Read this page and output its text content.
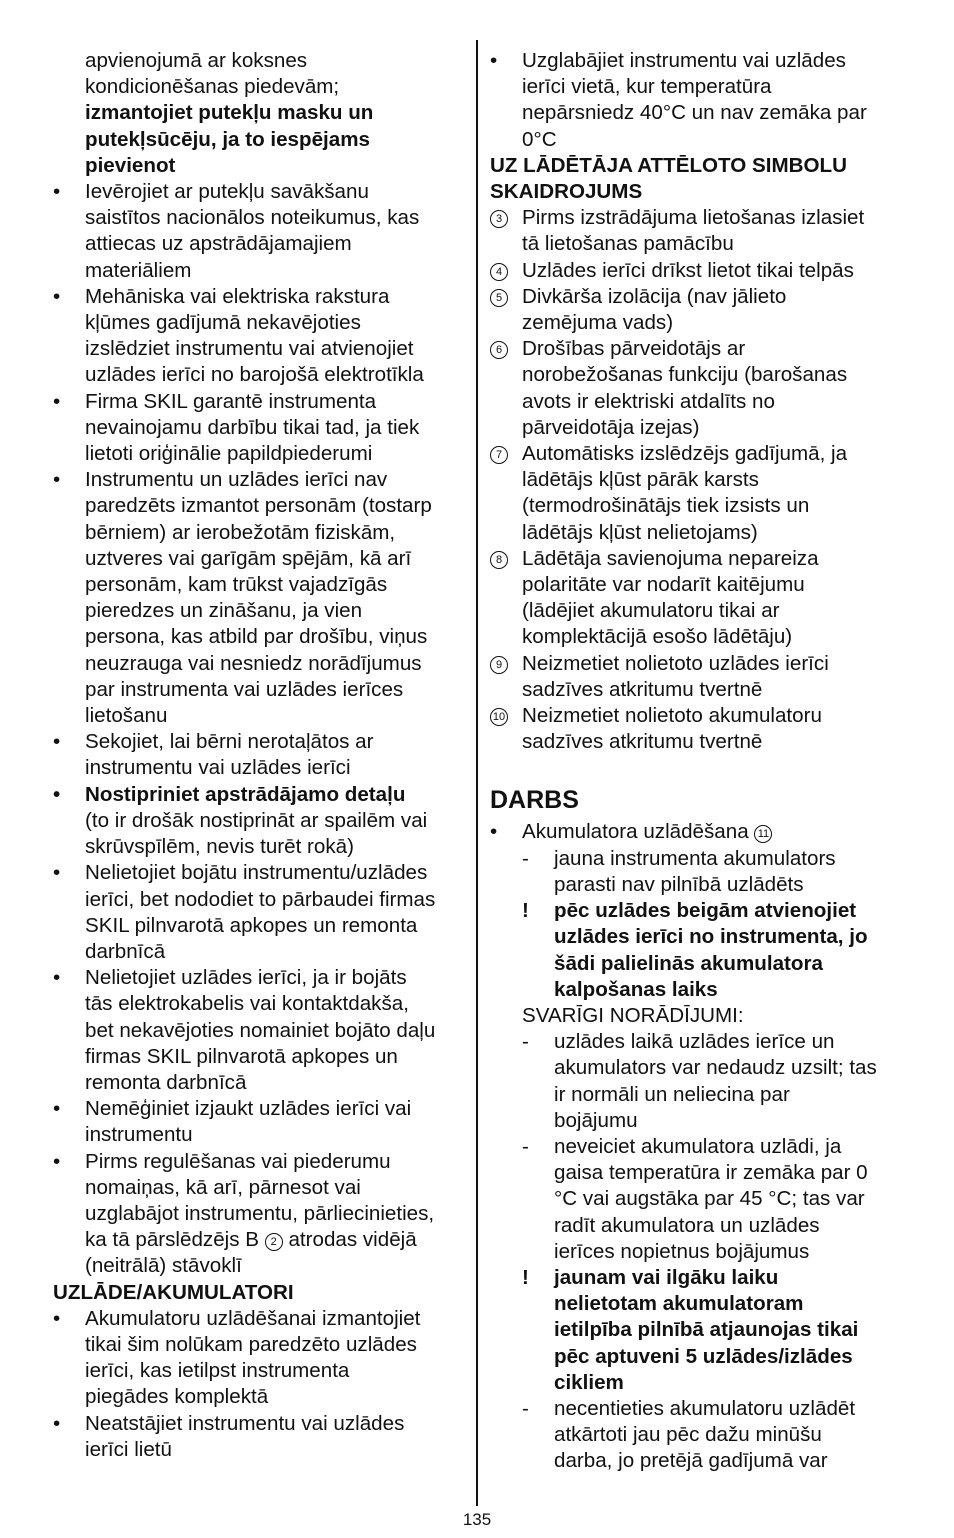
apvienojumā ar koksnes
kondicionēšanas piedevām;
izmantojiet putekļu masku un
putekļsūcēju, ja to iespējams
pievienot
• Ievērojiet ar putekļu savākšanu
saistītos nacionālos noteikumus, kas
attiecas uz apstrādājamajiem
materiāliem
• Mehāniska vai elektriska rakstura
kļūmes gadījumā nekavējoties
izslēdziet instrumentu vai atvienojiet
uzlādes ierīci no barojošā elektrotīkla
• Firma SKIL garantē instrumenta
nevainojamu darbību tikai tad, ja tiek
lietoti oriģinālie papildpiederumi
• Instrumentu un uzlādes ierīci nav
paredzēts izmantot personām (tostarp
bērniem) ar ierobežotām fiziskām,
uztveres vai garīgām spējām, kā arī
personām, kam trūkst vajadzīgās
pieredzes un zināšanu, ja vien
persona, kas atbild par drošību, viņus
neuzrauga vai nesniedz norādījumus
par instrumenta vai uzlādes ierīces
lietošanu
• Sekojiet, lai bērni nerotaļātos ar
instrumentu vai uzlādes ierīci
• Nostipriniet apstrādājamo detaļu
(to ir drošāk nostiprināt ar spailēm vai
skrūvspīlēm, nevis turēt rokā)
• Nelietojiet bojātu instrumentu/uzlādes
ierīci, bet nododiet to pārbaudei firmas
SKIL pilnvarotā apkopes un remonta
darbnīcā
• Nelietojiet uzlādes ierīci, ja ir bojāts
tās elektrokabelis vai kontaktdakša,
bet nekavējoties nomainiet bojāto daļu
firmas SKIL pilnvarotā apkopes un
remonta darbnīcā
• Nemēģiniet izjaukt uzlādes ierīci vai
instrumentu
• Pirms regulēšanas vai piederumu
nomaiņas, kā arī, pārnesot vai
uzglabājot instrumentu, pārliecinieties,
ka tā pārslēdzējs B 2 atrodas vidējā
(neitrālā) stāvoklī
UZLĀDE/AKUMULATORI
• Akumulatoru uzlādēšanai izmantojiet
tikai šim nolūkam paredzēto uzlādes
ierīci, kas ietilpst instrumenta
piegādes komplektā
• Neatstājiet instrumentu vai uzlādes
ierīci lietū
• Uzglabājiet instrumentu vai uzlādes
ierīci vietā, kur temperatūra
nepārsniedz 40°C un nav zemāka par
0°C
UZ LĀDĒTĀJA ATTĒLOTO SIMBOLU
SKAIDROJUMS
3 Pirms izstrādājuma lietošanas izlasiet
tā lietošanas pamācību
4 Uzlādes ierīci drīkst lietot tikai telpās
5 Divkārša izolācija (nav jālieto
zemējuma vads)
6 Drošības pārveidotājs ar
norobežošanas funkciju (barošanas
avots ir elektriski atdalīts no
pārveidotāja izejas)
7 Automātisks izslēdzējs gadījumā, ja
lādētājs kļūst pārāk karsts
(termodrošinātājs tiek izsists un
lādētājs kļūst nelietojams)
8 Lādētāja savienojuma nepareiza
polaritāte var nodarīt kaitējumu
(lādējiet akumulatoru tikai ar
komplektācijā esošo lādētāju)
9 Neizmetiet nolietoto uzlādes ierīci
sadzīves atkritumu tvertnē
10 Neizmetiet nolietoto akumulatoru
sadzīves atkritumu tvertnē
DARBS
• Akumulatora uzlādēšana 11
- jauna instrumenta akumulators
parasti nav pilnībā uzlādēts
! pēc uzlādes beigām atvienojiet
uzlādes ierīci no instrumenta, jo
šādi palielinās akumulatora
kalpošanas laiks
SVARĪGI NORĀDĪJUMI:
- uzlādes laikā uzlādes ierīce un
akumulators var nedaudz uzsilt; tas
ir normāli un neliecina par
bojājumu
- neveiciet akumulatora uzlādi, ja
gaisa temperatūra ir zemāka par 0
°C vai augstāka par 45 °C; tas var
radīt akumulatora un uzlādes
ierīces nopietnus bojājumus
! jaunam vai ilgāku laiku
nelietotam akumulatoram
ietilpība pilnībā atjaunojas tikai
pēc aptuveni 5 uzlādes/izlādes
cikliem
- necentieties akumulatoru uzlādēt
atkārtoti jau pēc dažu minūšu
darba, jo pretējā gadījumā var
135
